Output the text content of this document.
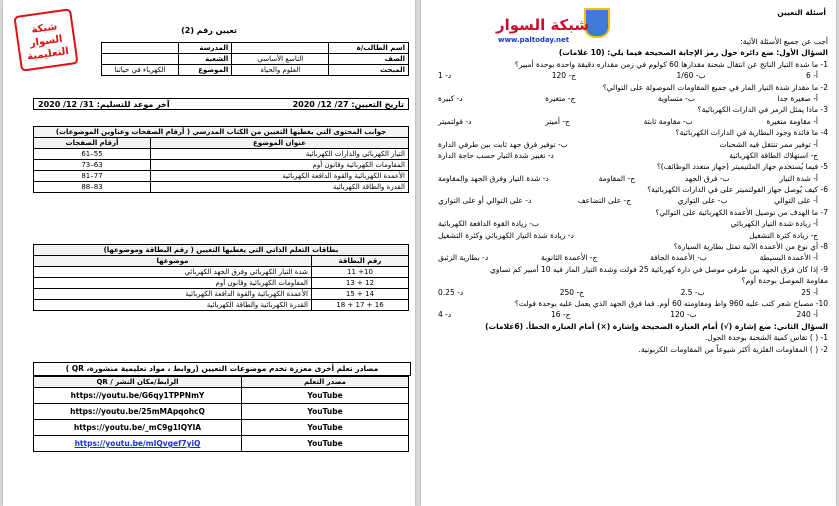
شبكة السوار التعليمية
تعيين رقم (2)
اسم الطالب/ة		المدرسة	
الصف	التاسع الأساسي	الشعبة	
المبحث	العلوم والحياة	الموضوع	الكهرباء في حياتنا
تاريخ التعيين: 27/ 12/ 2020
آخر موعد للتسليم: 31/ 12/ 2020
جوانب المحتوى التي يغطيها التعيين من الكتاب المدرسي ( أرقام الصفحات وعناوين الموضوعات)	
عنوان الموضوع	أرقام الصفحات
التيار الكهربائي والدارات الكهربائية	55–61
المقاومات الكهربائية وقانون أوم	63–73
الأعمدة الكهربائية والقوة الدافعة الكهربائية	77–81
القدرة والطاقة الكهربائية	83–88
بطاقات التعلم الذاتي التي يغطيها التعيين ( رقم البطاقة وموضوعها)	
رقم البطاقة	موضوعها
10+ 11	شدة التيار الكهربائي وفرق الجهد الكهربائي
12 + 13	المقاومات الكهربائية وقانون أوم
14 + 15	الأعمدة الكهربائية والقوة الدافعة الكهربائية
16 + 17 + 18	القدرة الكهربائية والطاقة الكهربائية
مصادر تعلم أخرى معززة تخدم موضوعات التعيين (روابط ، مواد تعليمية منشورة، QR )
مصدر التعلم	الرابط/مكان النشر / QR
YouTube	https://youtu.be/G6qy1TPPNmY
YouTube	https://youtu.be/25mMApqohcQ
YouTube	https://youtu.be/_mC9g1IQYIA
YouTube	https://youtu.be/mIQvgef7yiQ
شبكة السوار
www.paltoday.net
أسئلة التعيين
أجب عن جميع الأسئلة الآتية:
السؤال الأول: ضع دائرة حول رمز الإجابة الصحيحة فيما يلي: (10 علامات)
1- ما شدة التيار الناتج عن انتقال شحنة مقدارها 60 كولوم في زمن مقداره دقيقة واحدة بوحدة أمبير؟
أ- 6
ب- 1/60
ج- 120
د- 1
2- ما مقدار شدة التيار المار في جميع المقاومات الموصولة على التوالي؟
أ- صغيرة جدا
ب- متساوية
ج- متغيرة
د- كبيرة
3- ماذا يمثل الرمز في الدارات الكهربائية؟
أ- مقاومة متغيرة
ب- مقاومة ثابتة
ج- أميتر
د- فولتميتر
4- ما فائدة وجود البطارية في الدارات الكهربائية؟
أ- توفير ممر تنتقل فيه الشحنات
ب- توفير فرق جهد ثابت بين طرفي الدارة
ج- استهلاك الطاقة الكهربائية
د- تغيير شدة التيار حسب حاجة الدارة
5- فيما يُستخدم جهاز الملتيميتر (جهاز متعدد الوظائف)؟
أ- شدة التيار
ب- فرق الجهد
ج- المقاومة
د- شدة التيار وفرق الجهد والمقاومة
6- كيف يُوصل جهاز الفولتميتر على في الدارات الكهربائية؟
أ- على التوالي
ب- على التوازي
ج- على التضاعف
د- على التوالي أو على التوازي
7- ما الهدف من توصيل الأعمدة الكهربائية على التوالي؟
أ- زيادة شدة التيار الكهربائي
ب- زيادة القوة الدافعة الكهربائية
ج- زيادة كثرة التشغيل
د- زيادة شدة التيار الكهربائي وكثرة التشغيل
8- أي نوع من الأعمدة الآتية تمثل بطارية السيارة؟
أ- الأعمدة البسيطة
ب- الأعمدة الجافة
ج- الأعمدة الثانوية
د- بطارية الزئبق
9- إذا كان فرق الجهد بين طرفي موصل في دارة كهربائية 25 فولت وشدة التيار المار فيه 10 أمبير كم تساوي
مقاومة الموصل بوحدة أوم؟
أ- 25
ب- 2.5
ج- 250
د- 0.25
10- مصباح شعر كتب عليه 960 واط ومقاومته 60 أوم. فما فرق الجهد الذي يعمل عليه بوحدة فولت؟
أ- 240
ب- 120
ج- 16
د- 4
السؤال الثاني: ضع إشارة (√) أمام العبارة الصحيحة وإشارة (×) أمام العبارة الخطأ. (6علامات)
1- ( ) تقاس كمية الشحنة بوحدة الجول.
2- ( ) المقاومات الفلزية أكثر شيوعاً من المقاومات الكربونية.
